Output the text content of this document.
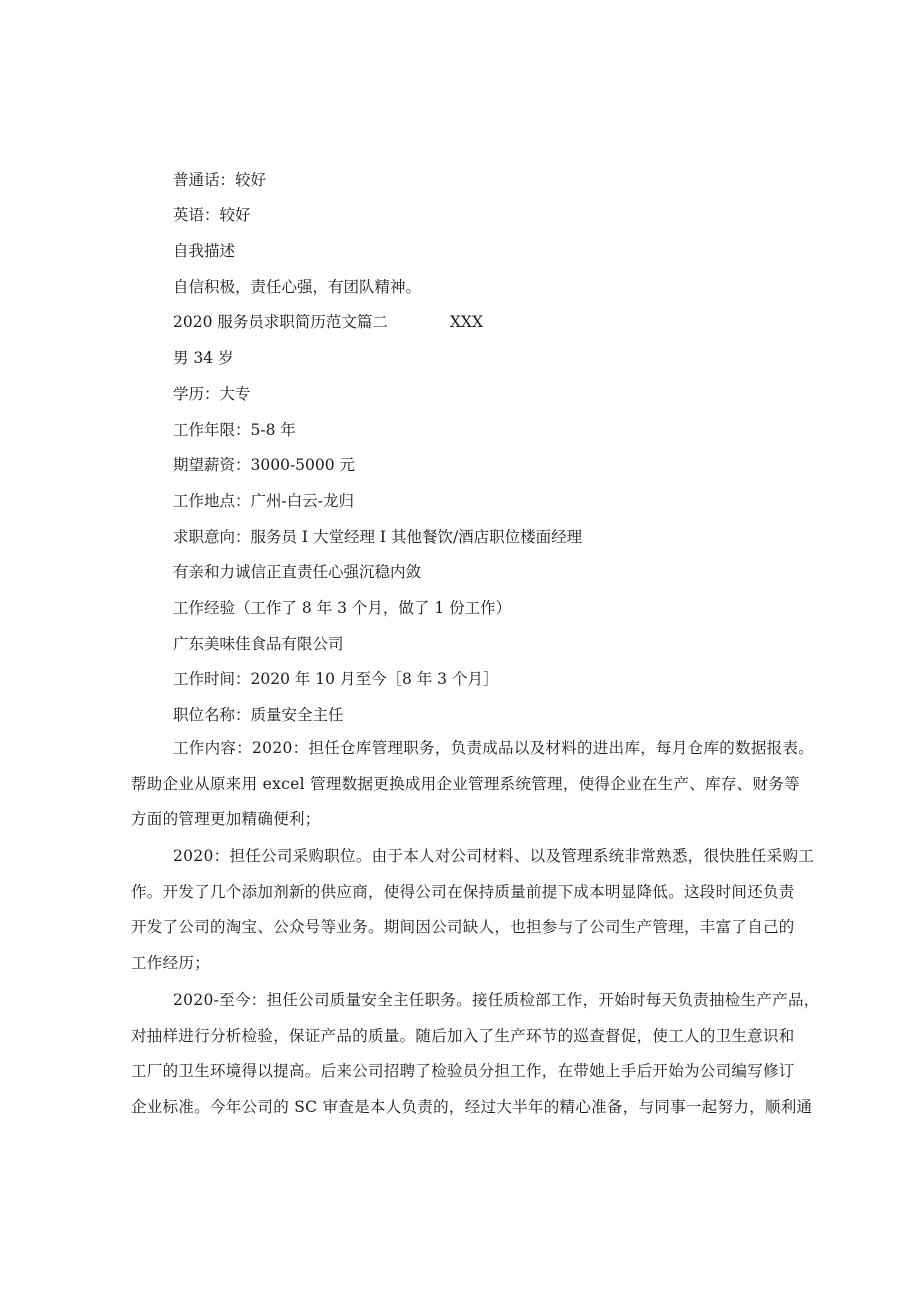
普通话：较好
英语：较好
自我描述
自信积极，责任心强，有团队精神。
2020 服务员求职简历范文篇二	XXX
男 34 岁
学历：大专
工作年限：5-8 年
期望薪资：3000-5000 元
工作地点：广州-白云-龙归
求职意向：服务员 I 大堂经理 I 其他餐饮/酒店职位楼面经理
有亲和力诚信正直责任心强沉稳内敛
工作经验（工作了 8 年 3 个月，做了 1 份工作）
广东美味佳食品有限公司
工作时间：2020 年 10 月至今［8 年 3 个月］
职位名称：质量安全主任
工作内容：2020：担任仓库管理职务，负责成品以及材料的进出库，每月仓库的数据报表。
帮助企业从原来用 excel 管理数据更换成用企业管理系统管理，使得企业在生产、库存、财务等
方面的管理更加精确便利；
2020：担任公司采购职位。由于本人对公司材料、以及管理系统非常熟悉，很快胜任采购工
作。开发了几个添加剂新的供应商，使得公司在保持质量前提下成本明显降低。这段时间还负责
开发了公司的淘宝、公众号等业务。期间因公司缺人，也担参与了公司生产管理，丰富了自己的
工作经历；
2020-至今：担任公司质量安全主任职务。接任质检部工作，开始时每天负责抽检生产产品，
对抽样进行分析检验，保证产品的质量。随后加入了生产环节的巡查督促，使工人的卫生意识和
工厂的卫生环境得以提高。后来公司招聘了检验员分担工作，在带她上手后开始为公司编写修订
企业标准。今年公司的 SC 审查是本人负责的，经过大半年的精心准备，与同事一起努力，顺利通
